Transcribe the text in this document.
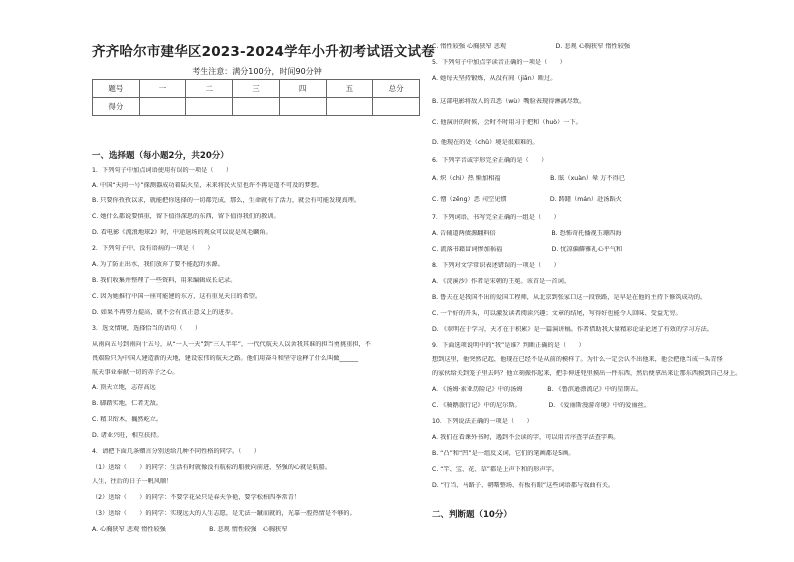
齐齐哈尔市建华区2023-2024学年小升初考试语文试卷
考生注意：满分100分，时间90分钟
题号	一	二	三	四	五	总分
得分						
一、选择题（每小题2分，共20分）
1．下列句子中加点词语使用有误的一项是（　　）
A. 中国“天问一号”探测器成功着陆火星，未来将民火星也许不再是遥不可及的梦想。
B. 只要你孜孜以求，就能把你选择的一切都完成，那么，生命就有了活力，就会有可能发现真理。
C. 她什么都说要慎重，留下值得深思的东西，留下值得我们的教训。
D. 看电影《流浪地球2》时，中途退场的观众可以说是凤毛麟角。
2．下列句子中，没有语病的一项是（　　）
A. 为了防止出水，我们放弃了要不能起的水源。
B. 我们收集并整理了一些资料，用来编辑成长记录。
C. 因为她推行中国一座可能建的东方，这有重见天日的希望。
D. 如果不再努力提高，就不会有真正意义上的进步。
3．选文情境，选择恰当的语句（　　）
从南向五号到南向十五号，从“一人一天”到“三人半年”，一代代航天人以舍我其谁的担当勇挑重担，不
畏艰险只为中国人建造新的天地，建设宏伟的航天之路。他们用奋斗和坚守诠释了什么叫做______
航天事业奉献一切的赤子之心。
A. 顶天立地，志存高远
B. 脚踏实地，仁者无敌。
C. 精卫衔木，巍然屹立。
D. 诸业兴旺，相互扶持。
4．请把下面几条赠言分别送给几种不同性格的同学。（　　）
（1）送给（　　）的同学：生活有时就像没有航标的船驶向前进，坚强的心就是航船。
人生，往后的日子一帆风顺！
（2）送给（　　）的同学：不要学花朵只是春天争艳，要学松柏四季常青！
（3）送给（　　）的同学：实现远大的人生志愿，是无法一蹴而就的，光靠一腔热情是不够的。
A. 心胸狭窄 悲观 惰性较强　　　　　　　B. 悲观 惰性较强　心胸狭窄
C. 惰性较强 心胸狭窄 悲观　　　　　　　　D. 悲观 心胸狭窄 惰性较强
5．下列句子中加点字读音正确的一项是（　　）
A. 她每天坚持锻炼，从没有间（jiān）断过。
B. 这部电影将敌人的丑恶（wù）嘴脸表现得淋漓尽致。
C. 他演讲的时候，会时不时用习于把和（huò）一下。
D. 他现在的处（chǔ）境是很艰难的。
6．下列字音或字形完全正确的是（　　）
A. 炽（chì）热 惭加相福　　　　　　　　B. 眩（xuàn）晕 万不得已
C. 憎（zēng）恶 司空见惯　　　　　　　D. 踌躇（mán）赴汤蹈火
7．下列词语，书写完全正确的一组是（　　）
A. 告辅道两债源翻料倍　　　　　　　　　B. 恐怖奇托播视玉珊四海
C. 流落书籍冒词惨加祸福　　　　　　　　D. 忧凉偏僻雅礼心平气和
8．下列对文学常识表述错误的一项是（　　）
A. 《浣溪沙》作者是宋朝的王冕。该首是一首词。
B. 鲁夫在是我国不出的爱国工程师，从北京到张家口这一段铁路，是早是在他的主持下修筑成功的。
C. 一个好的开头，可以激发读者阅读兴趣；文章的结尾，写得好也能令人回味、受益无穷。
D. 《翠明在于学习，天才在于积累》是一篇演讲稿。作者借助我大量精彩论证论述了有效的学习方法。
9．下面选项说明中的“我”是谁？判断正确的是（　　）
想到这里，他突然记起，他现在已经不是从前的模样了。为什么一定会认不出他来，他会把他当成一头青怪
的家伙给关到笼子里去吗？他立刻振作起来，把手伸进兜里摸出一件东西，然后便拿出来让那东西摸到自己身上。
A. 《汤姆·索亚历险记》中的汤姆　　　　B. 《鲁滨逊漂流记》中的星期五。
C. 《骑鹅旅行记》中的尼尔斯。　　　　　D. 《爱丽斯漫游奇境》中的爱丽丝。
10．下列说法正确的一项是（　　）
A. 我们在看课外书时，遇到不会读的字，可以用音序查字法查字典。
B. “凸”和“凹”是一组反义词，它们的笔画都是5画。
C. “竿、宝、花、草”都是上声下和的形声字。
D. “行当、马路子、朝曙整场、有板有眼”这些词语都与戏曲有关。
二、判断题（10分）
